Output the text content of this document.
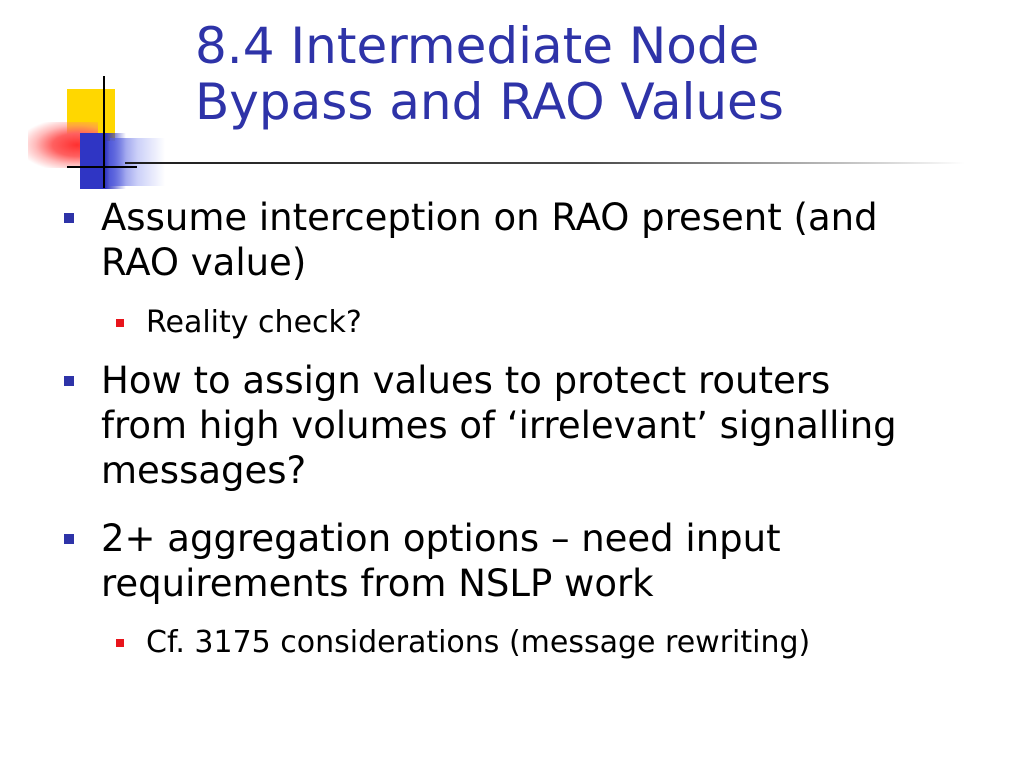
8.4 Intermediate Node
Bypass and RAO Values
Assume interception on RAO present (and
RAO value)
Reality check?
How to assign values to protect routers
from high volumes of ‘irrelevant’ signalling
messages?
2+ aggregation options – need input
requirements from NSLP work
Cf. 3175 considerations (message rewriting)
